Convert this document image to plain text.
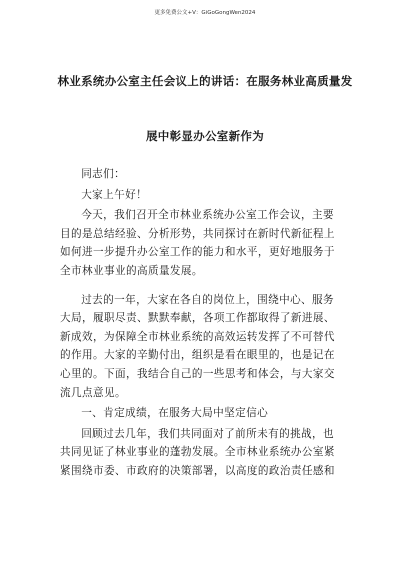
更多免费公文+V：GiGoGongWen2024
林业系统办公室主任会议上的讲话：在服务林业高质量发
展中彰显办公室新作为
同志们：
大家上午好！
今天，我们召开全市林业系统办公室工作会议，主要
目的是总结经验、分析形势，共同探讨在新时代新征程上
如何进一步提升办公室工作的能力和水平，更好地服务于
全市林业事业的高质量发展。
过去的一年，大家在各自的岗位上，围绕中心、服务
大局，履职尽责、默默奉献，各项工作都取得了新进展、
新成效，为保障全市林业系统的高效运转发挥了不可替代
的作用。大家的辛勤付出，组织是看在眼里的，也是记在
心里的。下面，我结合自己的一些思考和体会，与大家交
流几点意见。
一、肯定成绩，在服务大局中坚定信心
回顾过去几年，我们共同面对了前所未有的挑战，也
共同见证了林业事业的蓬勃发展。全市林业系统办公室紧
紧围绕市委、市政府的决策部署，以高度的政治责任感和
